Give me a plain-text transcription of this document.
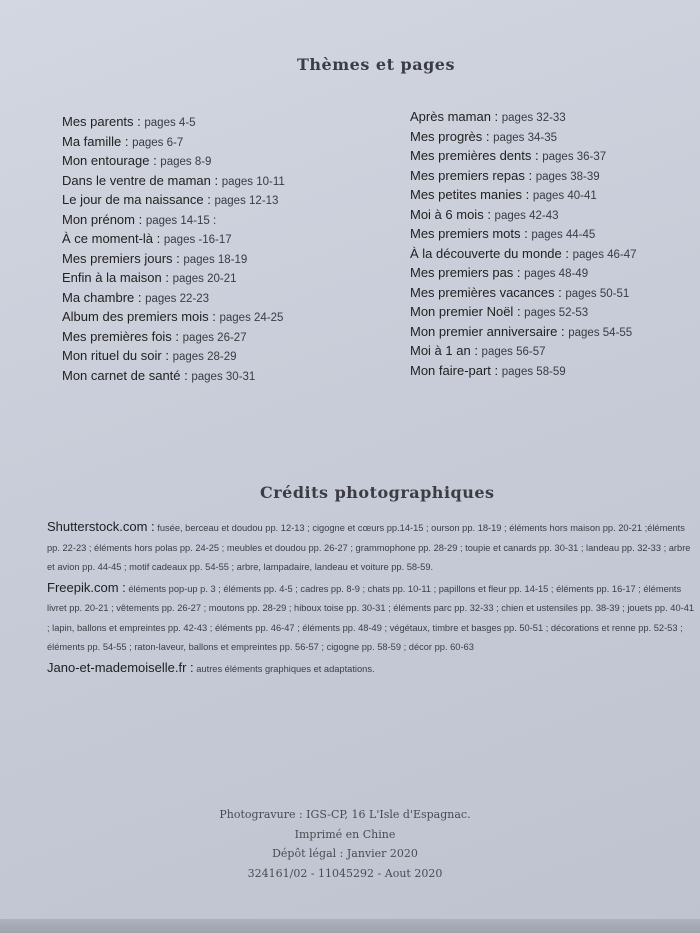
Thèmes et pages
Mes parents : pages 4-5
Ma famille : pages 6-7
Mon entourage : pages 8-9
Dans le ventre de maman : pages 10-11
Le jour de ma naissance : pages 12-13
Mon prénom : pages 14-15 :
À ce moment-là : pages -16-17
Mes premiers jours : pages 18-19
Enfin à la maison : pages 20-21
Ma chambre : pages 22-23
Album des premiers mois : pages 24-25
Mes premières fois : pages 26-27
Mon rituel du soir : pages 28-29
Mon carnet de santé : pages 30-31
Après maman : pages 32-33
Mes progrès : pages 34-35
Mes premières dents : pages 36-37
Mes premiers repas : pages 38-39
Mes petites manies : pages 40-41
Moi à 6 mois : pages 42-43
Mes premiers mots : pages 44-45
À la découverte du monde : pages 46-47
Mes premiers pas : pages 48-49
Mes premières vacances : pages 50-51
Mon premier Noël : pages 52-53
Mon premier anniversaire : pages 54-55
Moi à 1 an : pages 56-57
Mon faire-part : pages 58-59
Crédits photographiques
Shutterstock.com : fusée, berceau et doudou pp. 12-13 ; cigogne et cœurs pp.14-15 ; ourson pp. 18-19 ; éléments hors maison pp. 20-21 ;éléments pp. 22-23 ; éléments hors polas pp. 24-25 ; meubles et doudou pp. 26-27 ; grammophone pp. 28-29 ; toupie et canards pp. 30-31 ; landeau pp. 32-33 ; arbre et avion pp. 44-45 ; motif cadeaux pp. 54-55 ; arbre, lampadaire, landeau et voiture pp. 58-59.
Freepik.com : éléments pop-up p. 3 ; éléments pp. 4-5 ; cadres pp. 8-9 ; chats pp. 10-11 ; papillons et fleur pp. 14-15 ; éléments pp. 16-17 ; éléments livret pp. 20-21 ; vêtements pp. 26-27 ; moutons pp. 28-29 ; hiboux toise pp. 30-31 ; éléments parc pp. 32-33 ; chien et ustensiles pp. 38-39 ; jouets pp. 40-41 ; lapin, ballons et empreintes pp. 42-43 ; éléments pp. 46-47 ; éléments pp. 48-49 ; végétaux, timbre et basges pp. 50-51 ; décorations et renne pp. 52-53 ; éléments pp. 54-55 ; raton-laveur, ballons et empreintes pp. 56-57 ; cigogne pp. 58-59 ; décor pp. 60-63
Jano-et-mademoiselle.fr : autres éléments graphiques et adaptations.
Photogravure : IGS-CP, 16 L'Isle d'Espagnac.
Imprimé en Chine
Dépôt légal : Janvier 2020
324161/02 - 11045292 - Aout 2020
